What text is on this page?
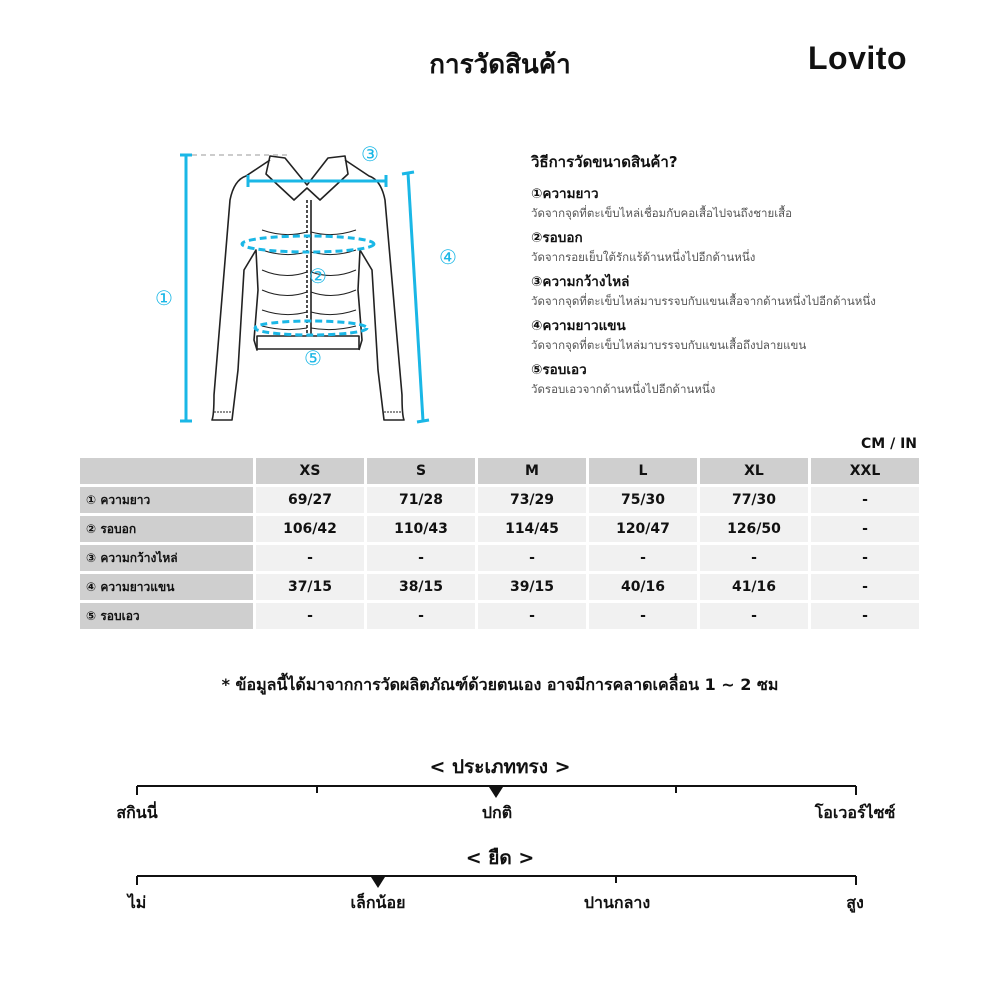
การวัดสินค้า	Lovito
①
②
③
④
⑤
วิธีการวัดขนาดสินค้า?
①ความยาว
วัดจากจุดที่ตะเข็บไหล่เชื่อมกับคอเสื้อไปจนถึงชายเสื้อ
②รอบอก
วัดจากรอยเย็บใต้รักแร้ด้านหนึ่งไปอีกด้านหนึ่ง
③ความกว้างไหล่
วัดจากจุดที่ตะเข็บไหล่มาบรรจบกับแขนเสื้อจากด้านหนึ่งไปอีกด้านหนึ่ง
④ความยาวแขน
วัดจากจุดที่ตะเข็บไหล่มาบรรจบกับแขนเสื้อถึงปลายแขน
⑤รอบเอว
วัดรอบเอวจากด้านหนึ่งไปอีกด้านหนึ่ง
CM / IN
	XS	S	M	L	XL	XXL
① ความยาว	69/27	71/28	73/29	75/30	77/30	-
② รอบอก	106/42	110/43	114/45	120/47	126/50	-
③ ความกว้างไหล่	-	-	-	-	-	-
④ ความยาวแขน	37/15	38/15	39/15	40/16	41/16	-
⑤ รอบเอว	-	-	-	-	-	-
* ข้อมูลนี้ได้มาจากการวัดผลิตภัณฑ์ด้วยตนเอง อาจมีการคลาดเคลื่อน 1 ~ 2 ซม
< ประเภททรง >
สกินนี่	ปกติ	โอเวอร์ไซซ์
< ยืด >
ไม่	เล็กน้อย	ปานกลาง	สูง
